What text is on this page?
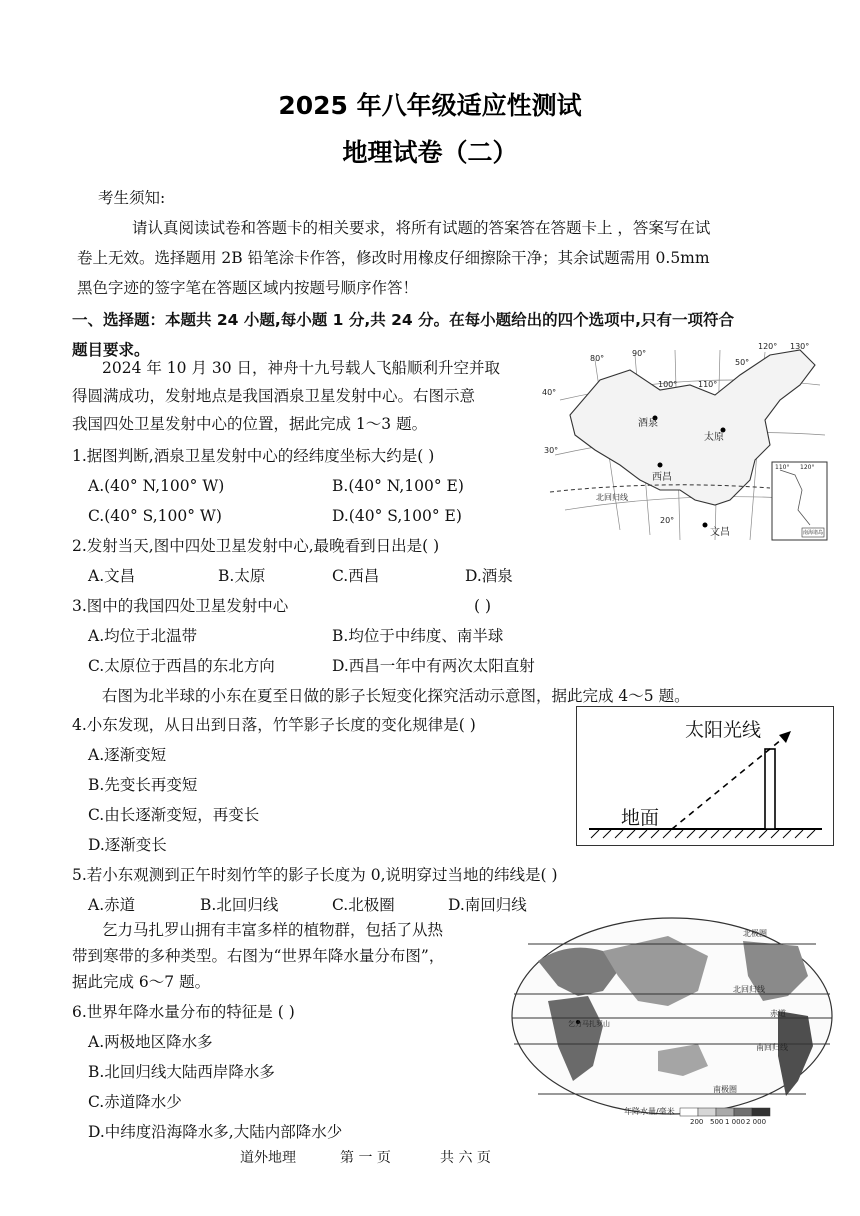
2025 年八年级适应性测试
地理试卷（二）
考生须知:
请认真阅读试卷和答题卡的相关要求，将所有试题的答案答在答题卡上 ，答案写在试
卷上无效。选择题用 2B 铅笔涂卡作答，修改时用橡皮仔细擦除干净；其余试题需用 0.5mm
黑色字迹的签字笔在答题区域内按题号顺序作答！
一、选择题：本题共 24 小题,每小题 1 分,共 24 分。在每小题给出的四个选项中,只有一项符合
题目要求。
2024 年 10 月 30 日，神舟十九号载人飞船顺利升空并取
得圆满成功，发射地点是我国酒泉卫星发射中心。右图示意
我国四处卫星发射中心的位置，据此完成 1～3 题。
1.据图判断,酒泉卫星发射中心的经纬度坐标大约是( )
A.(40° N,100° W)	B.(40° N,100° E)
C.(40° S,100° W)	D.(40° S,100° E)
2.发射当天,图中四处卫星发射中心,最晚看到日出是( )
A.文昌	B.太原	C.西昌	D.酒泉
3.图中的我国四处卫星发射中心	( )
A.均位于北温带	B.均位于中纬度、南半球
C.太原位于西昌的东北方向	D.西昌一年中有两次太阳直射
右图为北半球的小东在夏至日做的影子长短变化探究活动示意图，据此完成 4～5 题。
4.小东发现，从日出到日落，竹竿影子长度的变化规律是( )
A.逐渐变短
B.先变长再变短
C.由长逐渐变短，再变长
D.逐渐变长
5.若小东观测到正午时刻竹竿的影子长度为 0,说明穿过当地的纬线是( )
A.赤道	B.北回归线	C.北极圈	D.南回归线
乞力马扎罗山拥有丰富多样的植物群，包括了从热
带到寒带的多种类型。右图为“世界年降水量分布图”，
据此完成 6～7 题。
6.世界年降水量分布的特征是 ( )
A.两极地区降水多
B.北回归线大陆西岸降水多
C.赤道降水少
D.中纬度沿海降水多,大陆内部降水少
道外地理	第 一 页	共 六 页
80°
90°
100°	110°
120° 130°
50°
40°
30°
酒泉
太原
西昌
文昌
北回归线
20°
110° 120°
南海诸岛
太阳光线
地面
北极圈
北回归线
赤道
南回归线
南极圈
乞力马扎罗山
年降水量/毫米
200 500 1 000 2 000
